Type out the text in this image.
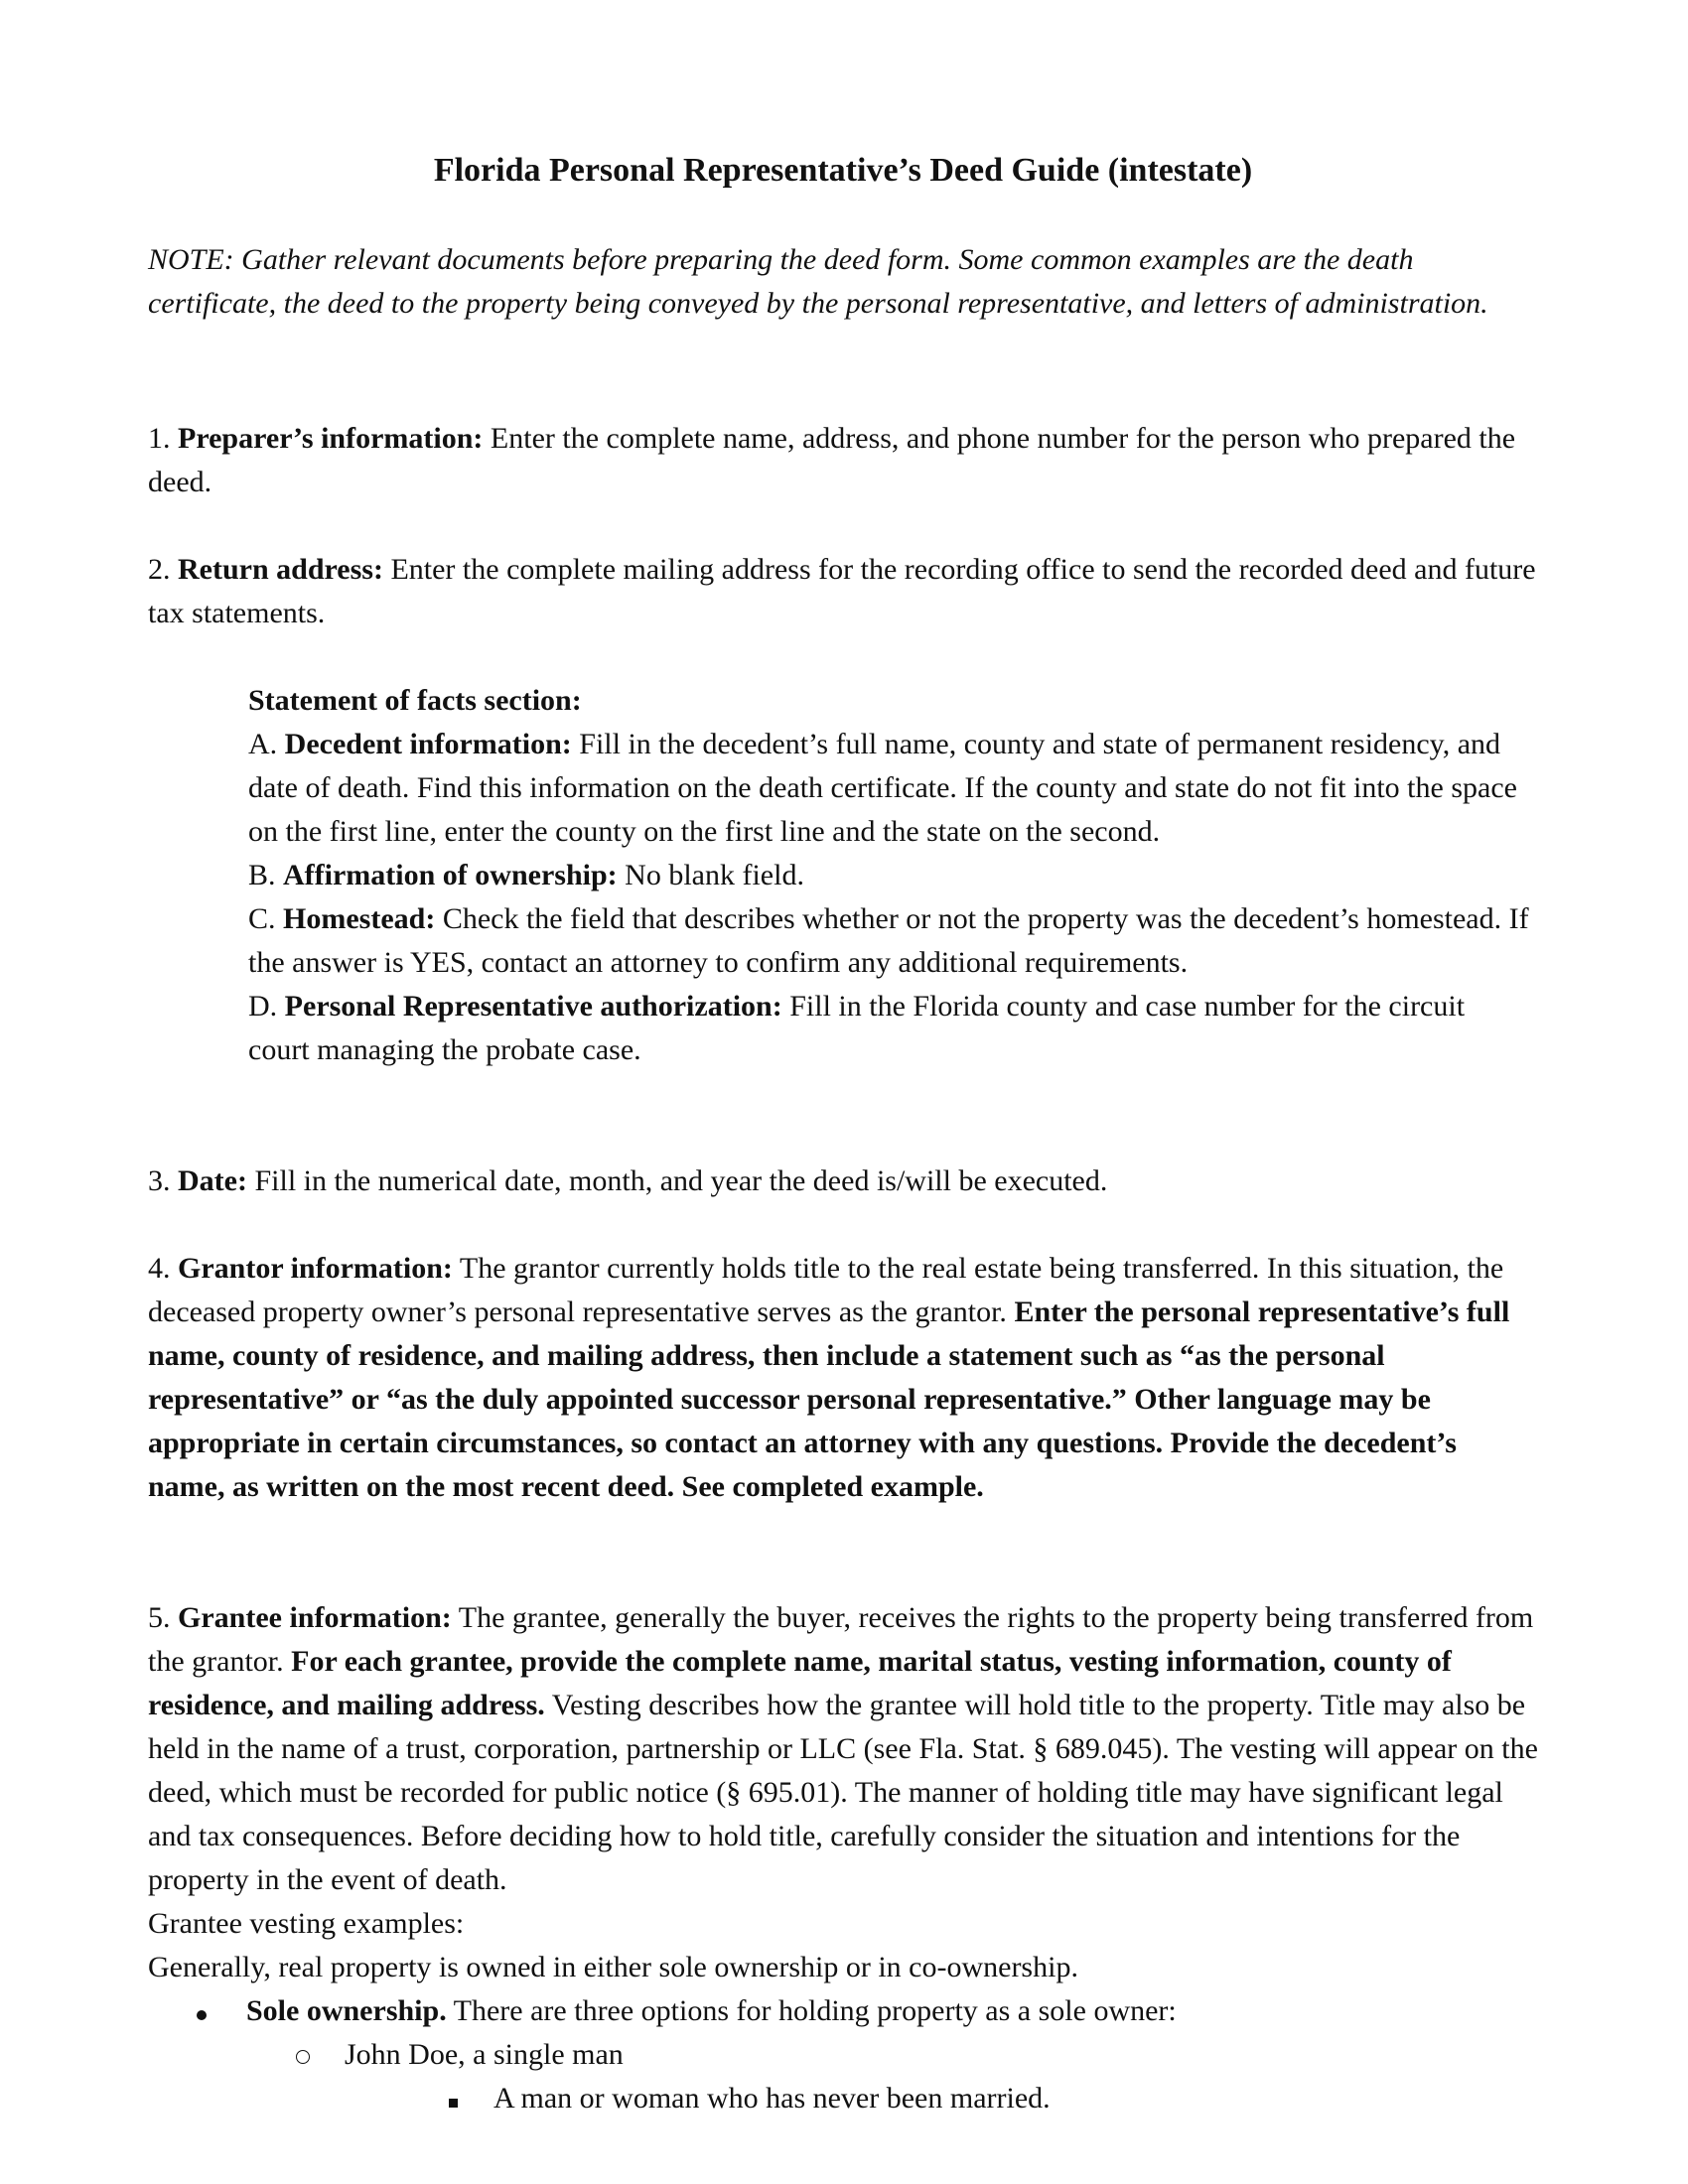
Florida Personal Representative’s Deed Guide (intestate)

NOTE: Gather relevant documents before preparing the deed form. Some common examples are the death certificate, the deed to the property being conveyed by the personal representative, and letters of administration.

1. Preparer’s information: Enter the complete name, address, and phone number for the person who prepared the deed.

2. Return address: Enter the complete mailing address for the recording office to send the recorded deed and future tax statements.

Statement of facts section:
A. Decedent information: Fill in the decedent’s full name, county and state of permanent residency, and date of death. Find this information on the death certificate. If the county and state do not fit into the space on the first line, enter the county on the first line and the state on the second.
B. Affirmation of ownership: No blank field.
C. Homestead: Check the field that describes whether or not the property was the decedent’s homestead. If the answer is YES, contact an attorney to confirm any additional requirements.
D. Personal Representative authorization: Fill in the Florida county and case number for the circuit court managing the probate case.

3. Date: Fill in the numerical date, month, and year the deed is/will be executed.

4. Grantor information: The grantor currently holds title to the real estate being transferred. In this situation, the deceased property owner’s personal representative serves as the grantor. Enter the personal representative’s full name, county of residence, and mailing address, then include a statement such as “as the personal representative” or “as the duly appointed successor personal representative.” Other language may be appropriate in certain circumstances, so contact an attorney with any questions. Provide the decedent’s name, as written on the most recent deed. See completed example.

5. Grantee information: The grantee, generally the buyer, receives the rights to the property being transferred from the grantor. For each grantee, provide the complete name, marital status, vesting information, county of residence, and mailing address. Vesting describes how the grantee will hold title to the property. Title may also be held in the name of a trust, corporation, partnership or LLC (see Fla. Stat. § 689.045). The vesting will appear on the deed, which must be recorded for public notice (§ 695.01). The manner of holding title may have significant legal and tax consequences. Before deciding how to hold title, carefully consider the situation and intentions for the property in the event of death.
Grantee vesting examples:
Generally, real property is owned in either sole ownership or in co-ownership.
Sole ownership. There are three options for holding property as a sole owner:
John Doe, a single man
A man or woman who has never been married.
